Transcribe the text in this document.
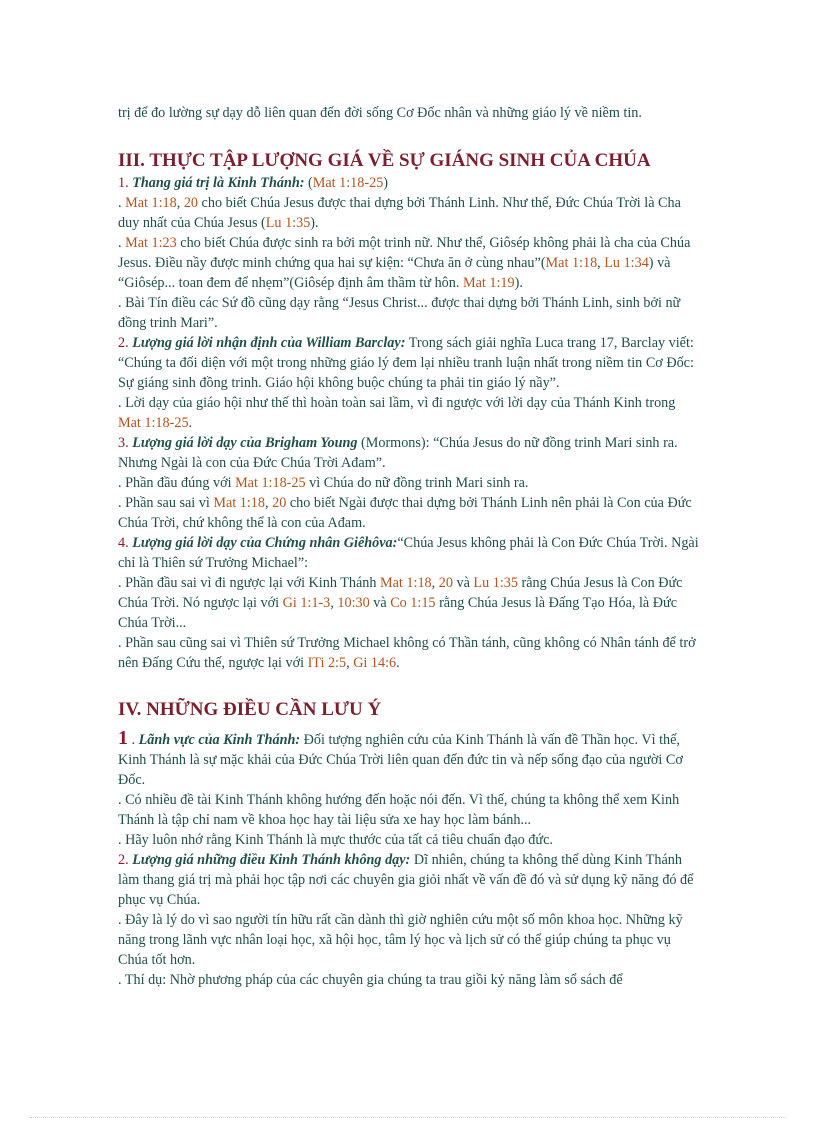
trị để đo lường sự dạy dỗ liên quan đến đời sống Cơ Đốc nhân và những giáo lý về niềm tin.

III. THỰC TẬP LƯỢNG GIÁ VỀ SỰ GIÁNG SINH CỦA CHÚA

1. Thang giá trị là Kinh Thánh: (Mat 1:18-25)

. Mat 1:18, 20 cho biết Chúa Jesus được thai dựng bởi Thánh Linh. Như thế, Đức Chúa Trời là Cha duy nhất của Chúa Jesus (Lu 1:35).

. Mat 1:23 cho biết Chúa được sinh ra bởi một trinh nữ. Như thế, Giôsép không phải là cha của Chúa Jesus. Điều nầy được minh chứng qua hai sự kiện: “Chưa ăn ở cùng nhau”(Mat 1:18, Lu 1:34) và “Giôsép... toan đem để nhẹm”(Giôsép định âm thầm từ hôn. Mat 1:19).

. Bài Tín điều các Sứ đồ cũng dạy rằng “Jesus Christ... được thai dựng bởi Thánh Linh, sinh bởi nữ đồng trinh Mari”.

2. Lượng giá lời nhận định của William Barclay: Trong sách giải nghĩa Luca trang 17, Barclay viết: “Chúng ta đối diện với một trong những giáo lý đem lại nhiều tranh luận nhất trong niềm tin Cơ Đốc: Sự giáng sinh đồng trinh. Giáo hội không buộc chúng ta phải tin giáo lý nầy”.

. Lời dạy của giáo hội như thế thì hoàn toàn sai lầm, vì đi ngược với lời dạy của Thánh Kinh trong Mat 1:18-25.

3. Lượng giá lời dạy của Brigham Young (Mormons): “Chúa Jesus do nữ đồng trinh Mari sinh ra. Nhưng Ngài là con của Đức Chúa Trời Ađam”.

. Phần đầu đúng với Mat 1:18-25 vì Chúa do nữ đồng trinh Mari sinh ra.

. Phần sau sai vì Mat 1:18, 20 cho biết Ngài được thai dựng bởi Thánh Linh nên phải là Con của Đức Chúa Trời, chứ không thể là con của Ađam.

4. Lượng giá lời dạy của Chứng nhân Giêhôva:“Chúa Jesus không phải là Con Đức Chúa Trời. Ngài chỉ là Thiên sứ Trưởng Michael”:

. Phần đầu sai vì đi ngược lại với Kinh Thánh Mat 1:18, 20 và Lu 1:35 rằng Chúa Jesus là Con Đức Chúa Trời. Nó ngược lại với Gi 1:1-3, 10:30 và Co 1:15 rằng Chúa Jesus là Đấng Tạo Hóa, là Đức Chúa Trời...

. Phần sau cũng sai vì Thiên sứ Trưởng Michael không có Thần tánh, cũng không có Nhân tánh để trở nên Đấng Cứu thế, ngược lại với ITi 2:5, Gi 14:6.

IV. NHỮNG ĐIỀU CẦN LƯU Ý

1 . Lãnh vực của Kinh Thánh: Đối tượng nghiên cứu của Kinh Thánh là vấn đề Thần học. Vì thế, Kinh Thánh là sự mặc khải của Đức Chúa Trời liên quan đến đức tin và nếp sống đạo của người Cơ Đốc.

. Có nhiều đề tài Kinh Thánh không hướng đến hoặc nói đến. Vì thế, chúng ta không thể xem Kinh Thánh là tập chỉ nam về khoa học hay tài liệu sửa xe hay học làm bánh...

. Hãy luôn nhớ rằng Kinh Thánh là mực thước của tất cả tiêu chuẩn đạo đức.

2. Lượng giá những điều Kinh Thánh không dạy: Dĩ nhiên, chúng ta không thể dùng Kinh Thánh làm thang giá trị mà phải học tập nơi các chuyên gia giỏi nhất về vấn đề đó và sử dụng kỹ năng đó để phục vụ Chúa.

. Đây là lý do vì sao người tín hữu rất cần dành thì giờ nghiên cứu một số môn khoa học. Những kỹ năng trong lãnh vực nhân loại học, xã hội học, tâm lý học và lịch sử có thể giúp chúng ta phục vụ Chúa tốt hơn.

. Thí dụ: Nhờ phương pháp của các chuyên gia chúng ta trau giồi kỷ năng làm sổ sách để
